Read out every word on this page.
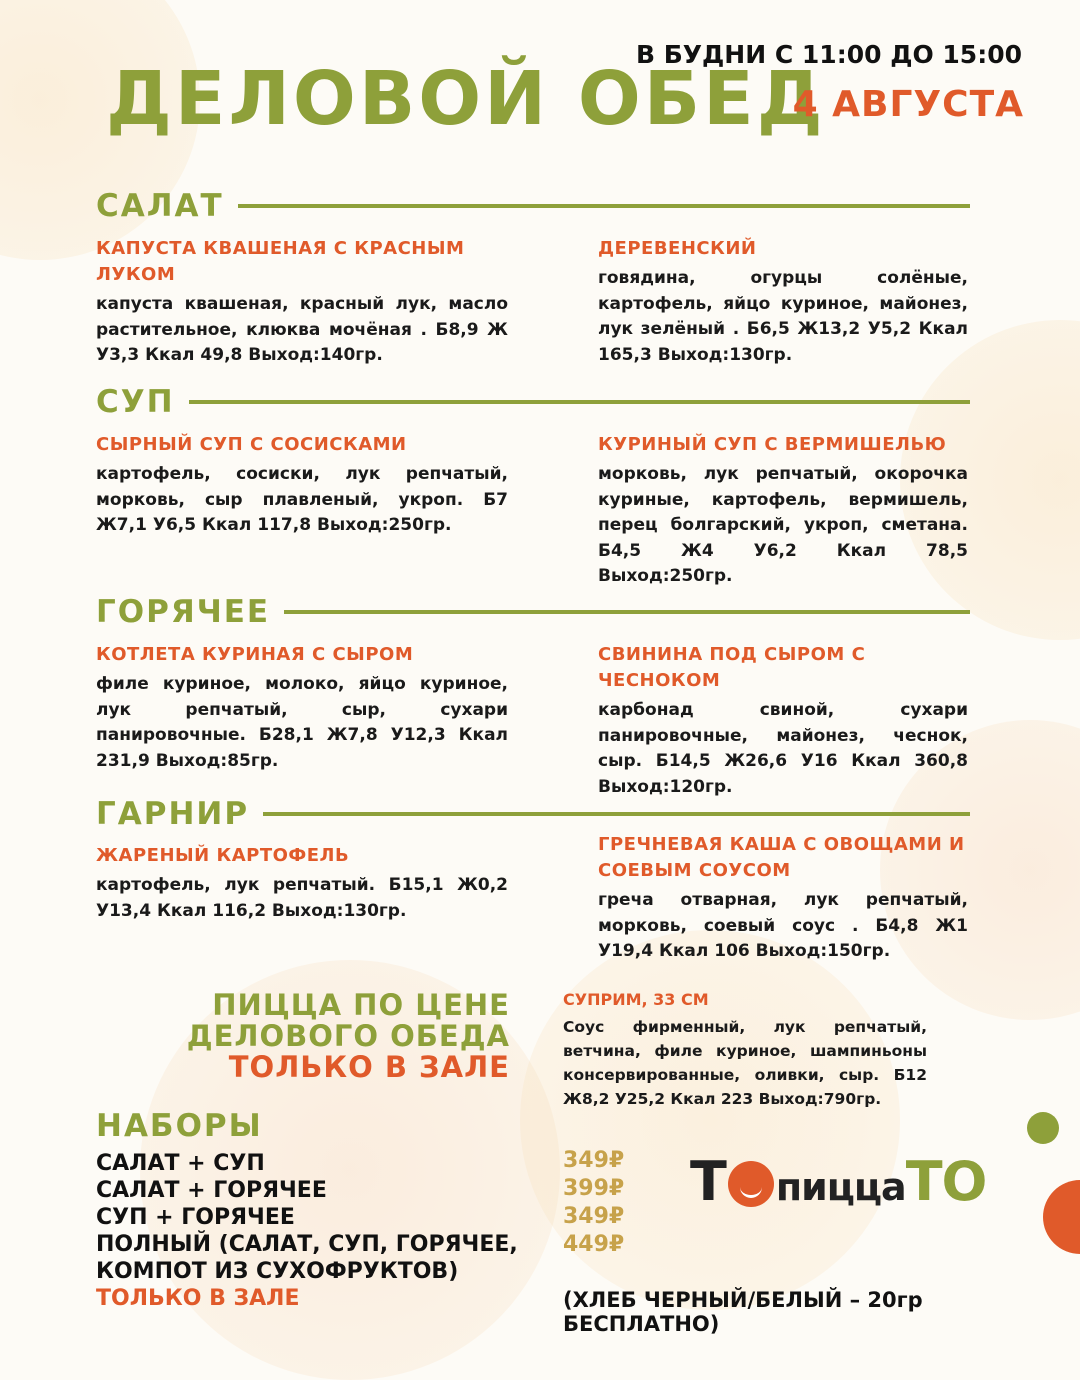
ДЕЛОВОЙ ОБЕД
В БУДНИ С 11:00 ДО 15:00
4 АВГУСТА
САЛАТ
КАПУСТА КВАШЕНАЯ С КРАСНЫМ ЛУКОМ
капуста квашеная, красный лук, масло растительное, клюква мочёная . Б8,9 Ж У3,3 Ккал 49,8 Выход:140гр.
ДЕРЕВЕНСКИЙ
говядина, огурцы солёные, картофель, яйцо куриное, майонез, лук зелёный . Б6,5 Ж13,2 У5,2 Ккал 165,3 Выход:130гр.
СУП
СЫРНЫЙ СУП С СОСИСКАМИ
картофель, сосиски, лук репчатый, морковь, сыр плавленый, укроп. Б7 Ж7,1 У6,5 Ккал 117,8 Выход:250гр.
КУРИНЫЙ СУП С ВЕРМИШЕЛЬЮ
морковь, лук репчатый, окорочка куриные, картофель, вермишель, перец болгарский, укроп, сметана. Б4,5 Ж4 У6,2 Ккал 78,5 Выход:250гр.
ГОРЯЧЕЕ
КОТЛЕТА КУРИНАЯ С СЫРОМ
филе куриное, молоко, яйцо куриное, лук репчатый, сыр, сухари панировочные. Б28,1 Ж7,8 У12,3 Ккал 231,9 Выход:85гр.
СВИНИНА ПОД СЫРОМ С ЧЕСНОКОМ
карбонад свиной, сухари панировочные, майонез, чеснок, сыр. Б14,5 Ж26,6 У16 Ккал 360,8 Выход:120гр.
ГАРНИР
ЖАРЕНЫЙ КАРТОФЕЛЬ
картофель, лук репчатый. Б15,1 Ж0,2 У13,4 Ккал 116,2 Выход:130гр.
ГРЕЧНЕВАЯ КАША С ОВОЩАМИ И СОЕВЫМ СОУСОМ
греча отварная, лук репчатый, морковь, соевый соус . Б4,8 Ж1 У19,4 Ккал 106 Выход:150гр.
ПИЦЦА ПО ЦЕНЕ
ДЕЛОВОГО ОБЕДА
ТОЛЬКО В ЗАЛЕ
СУПРИМ, 33 СМ
Соус фирменный, лук репчатый, ветчина, филе куриное, шампиньоны консервированные, оливки, сыр. Б12 Ж8,2 У25,2 Ккал 223 Выход:790гр.
НАБОРЫ
САЛАТ + СУП
САЛАТ + ГОРЯЧЕЕ
СУП + ГОРЯЧЕЕ
ПОЛНЫЙ (САЛАТ, СУП, ГОРЯЧЕЕ,
КОМПОТ ИЗ СУХОФРУКТОВ)
ТОЛЬКО В ЗАЛЕ
349₽
399₽
349₽
449₽
Т пицца ТО
(ХЛЕБ ЧЕРНЫЙ/БЕЛЫЙ – 20гр БЕСПЛАТНО)
